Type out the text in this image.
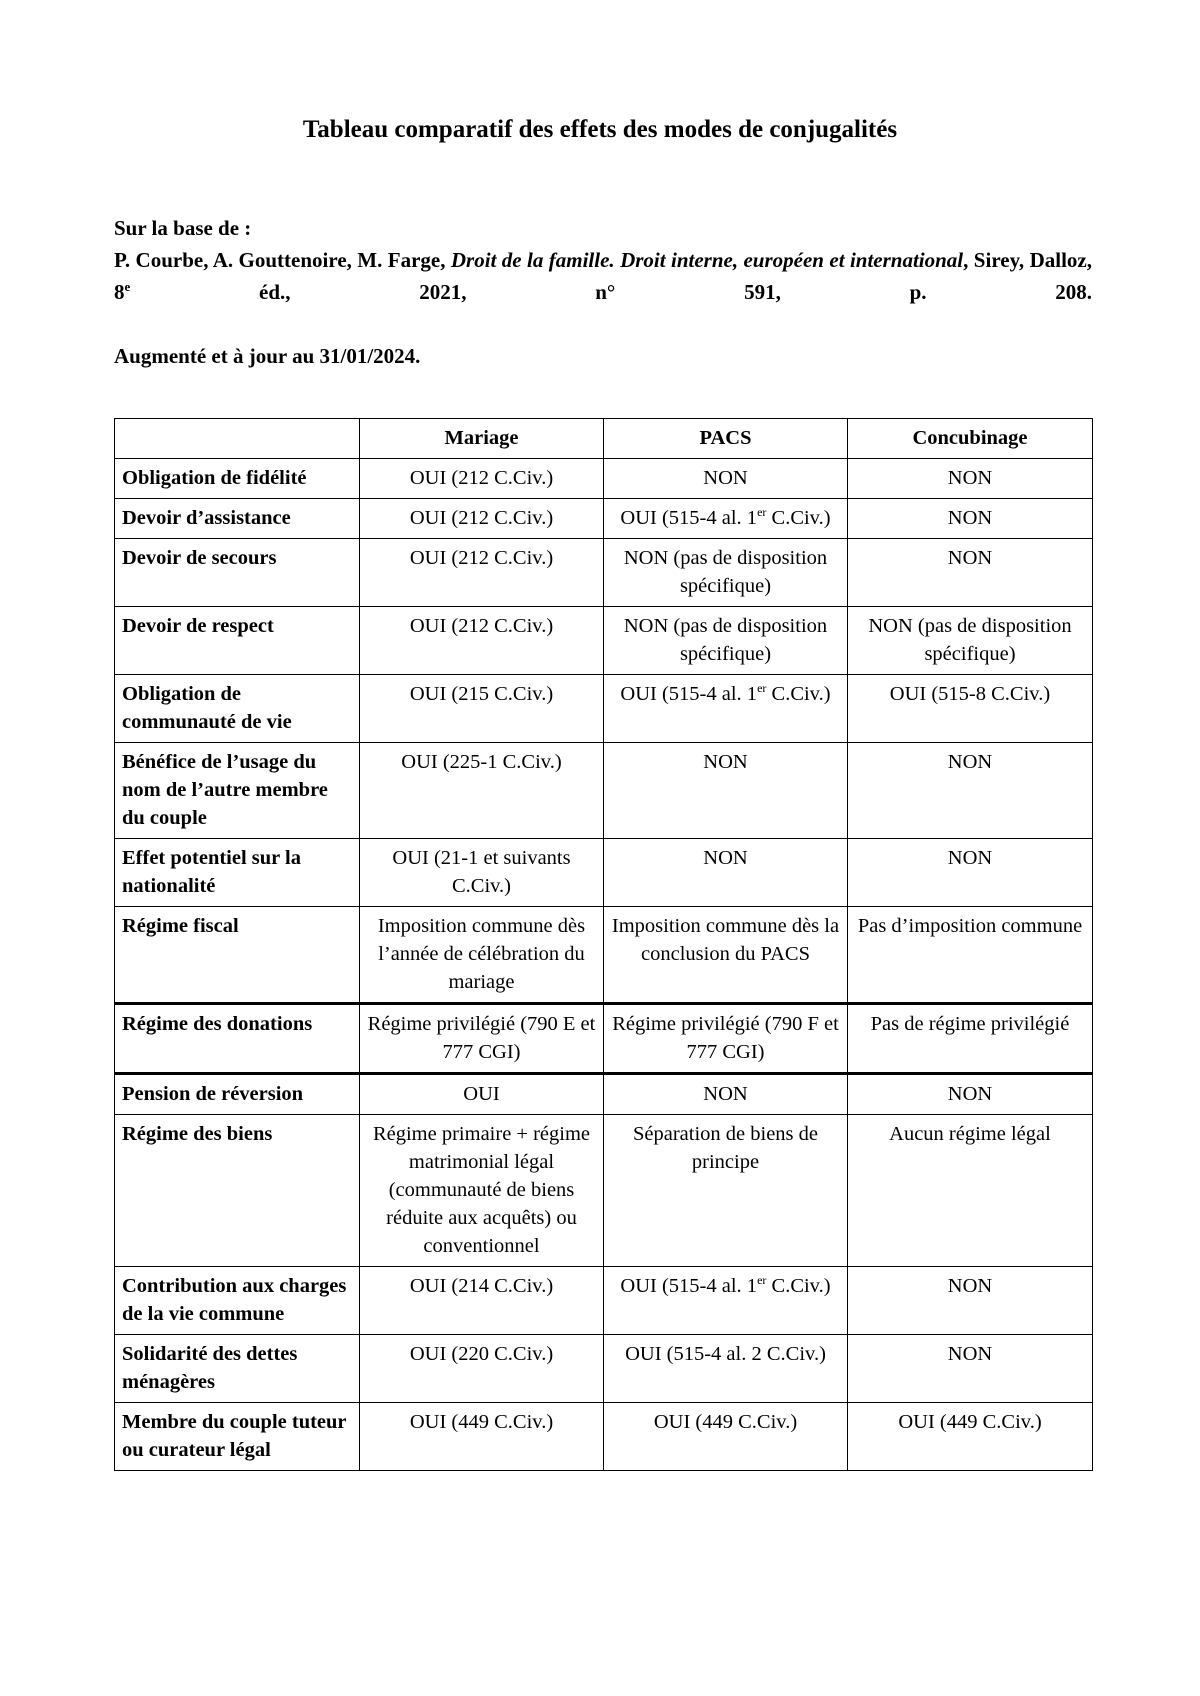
Tableau comparatif des effets des modes de conjugalités

Sur la base de :

P. Courbe, A. Gouttenoire, M. Farge, Droit de la famille. Droit interne, européen et international, Sirey, Dalloz, 8e éd., 2021, n° 591, p. 208.

Augmenté et à jour au 31/01/2024.

	Mariage	PACS	Concubinage
Obligation de fidélité	OUI (212 C.Civ.)	NON	NON
Devoir d’assistance	OUI (212 C.Civ.)	OUI (515-4 al. 1er C.Civ.)	NON
Devoir de secours	OUI (212 C.Civ.)	NON (pas de disposition spécifique)	NON
Devoir de respect	OUI (212 C.Civ.)	NON (pas de disposition spécifique)	NON (pas de disposition spécifique)
Obligation de communauté de vie	OUI (215 C.Civ.)	OUI (515-4 al. 1er C.Civ.)	OUI (515-8 C.Civ.)
Bénéfice de l’usage du nom de l’autre membre du couple	OUI (225-1 C.Civ.)	NON	NON
Effet potentiel sur la nationalité	OUI (21-1 et suivants C.Civ.)	NON	NON
Régime fiscal	Imposition commune dès l’année de célébration du mariage	Imposition commune dès la conclusion du PACS	Pas d’imposition commune
Régime des donations	Régime privilégié (790 E et 777 CGI)	Régime privilégié (790 F et 777 CGI)	Pas de régime privilégié
Pension de réversion	OUI	NON	NON
Régime des biens	Régime primaire + régime matrimonial légal (communauté de biens réduite aux acquêts) ou conventionnel	Séparation de biens de principe	Aucun régime légal
Contribution aux charges de la vie commune	OUI (214 C.Civ.)	OUI (515-4 al. 1er C.Civ.)	NON
Solidarité des dettes ménagères	OUI (220 C.Civ.)	OUI (515-4 al. 2 C.Civ.)	NON
Membre du couple tuteur ou curateur légal	OUI (449 C.Civ.)	OUI (449 C.Civ.)	OUI (449 C.Civ.)
